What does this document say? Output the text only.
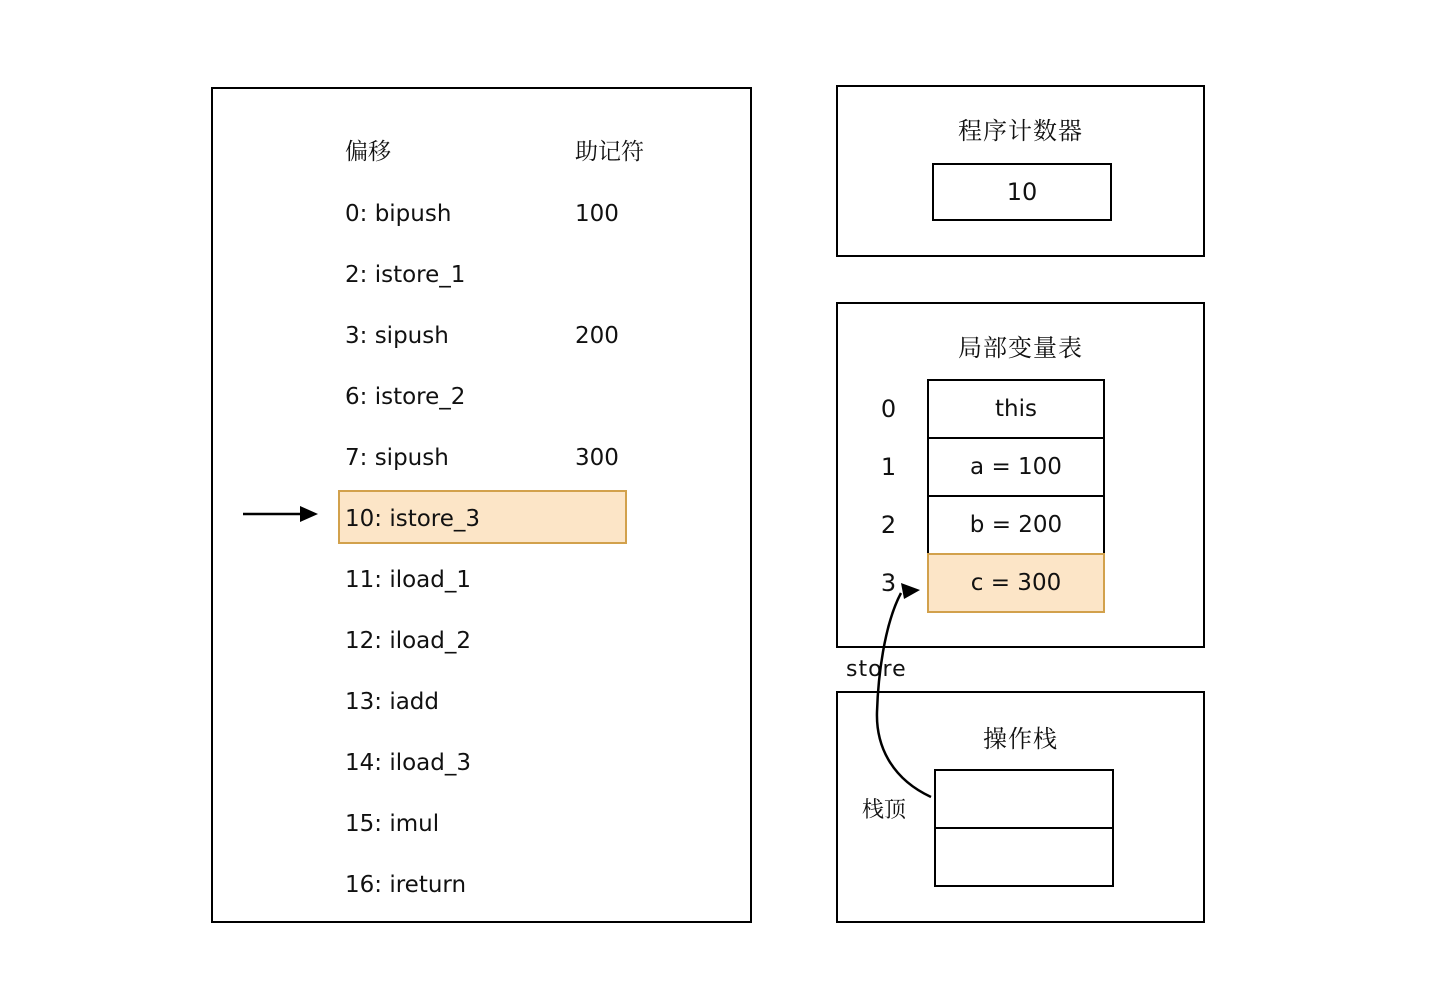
偏移	助记符
0: bipush	100
2: istore_1
3: sipush	200
6: istore_2
7: sipush	300
10: istore_3
11: iload_1
12: iload_2
13: iadd
14: iload_3
15: imul
16: ireturn
程序计数器
10
局部变量表
0	this
1	a = 100
2	b = 200
3	c = 300
操作栈
栈顶
store
